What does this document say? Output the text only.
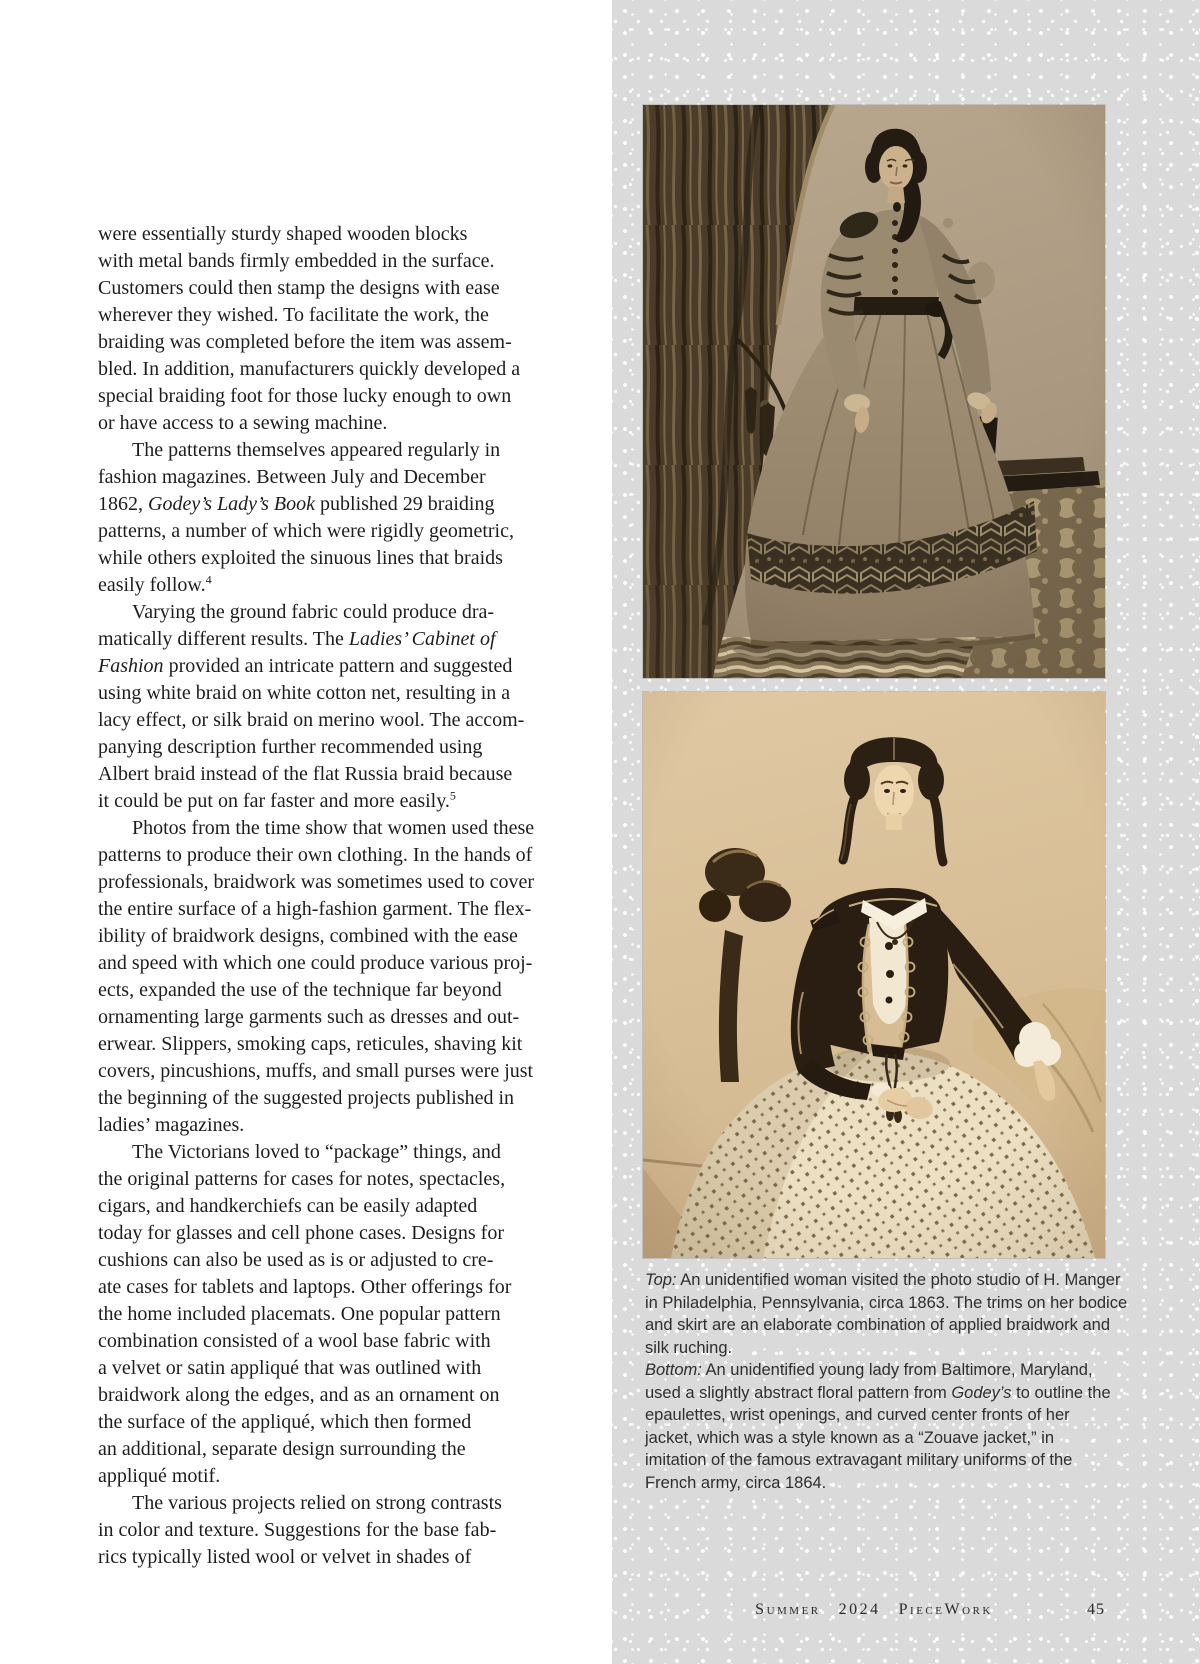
were essentially sturdy shaped wooden blocks
with metal bands firmly embedded in the surface.
Customers could then stamp the designs with ease
wherever they wished. To facilitate the work, the
braiding was completed before the item was assem-
bled. In addition, manufacturers quickly developed a
special braiding foot for those lucky enough to own
or have access to a sewing machine.
The patterns themselves appeared regularly in
fashion magazines. Between July and December
1862, Godey’s Lady’s Book published 29 braiding
patterns, a number of which were rigidly geometric,
while others exploited the sinuous lines that braids
easily follow.$^4$
Varying the ground fabric could produce dra-
matically different results. The Ladies’ Cabinet of
Fashion provided an intricate pattern and suggested
using white braid on white cotton net, resulting in a
lacy effect, or silk braid on merino wool. The accom-
panying description further recommended using
Albert braid instead of the flat Russia braid because
it could be put on far faster and more easily.$^5$
Photos from the time show that women used these
patterns to produce their own clothing. In the hands of
professionals, braidwork was sometimes used to cover
the entire surface of a high-fashion garment. The flex-
ibility of braidwork designs, combined with the ease
and speed with which one could produce various proj-
ects, expanded the use of the technique far beyond
ornamenting large garments such as dresses and out-
erwear. Slippers, smoking caps, reticules, shaving kit
covers, pincushions, muffs, and small purses were just
the beginning of the suggested projects published in
ladies’ magazines.
The Victorians loved to “package” things, and
the original patterns for cases for notes, spectacles,
cigars, and handkerchiefs can be easily adapted
today for glasses and cell phone cases. Designs for
cushions can also be used as is or adjusted to cre-
ate cases for tablets and laptops. Other offerings for
the home included placemats. One popular pattern
combination consisted of a wool base fabric with
a velvet or satin appliqué that was outlined with
braidwork along the edges, and as an ornament on
the surface of the appliqué, which then formed
an additional, separate design surrounding the
appliqué motif.
The various projects relied on strong contrasts
in color and texture. Suggestions for the base fab-
rics typically listed wool or velvet in shades of
Top: An unidentified woman visited the photo studio of H. Manger
in Philadelphia, Pennsylvania, circa 1863. The trims on her bodice
and skirt are an elaborate combination of applied braidwork and
silk ruching.
Bottom: An unidentified young lady from Baltimore, Maryland,
used a slightly abstract floral pattern from Godey’s to outline the
epaulettes, wrist openings, and curved center fronts of her
jacket, which was a style known as a “Zouave jacket,” in
imitation of the famous extravagant military uniforms of the
French army, circa 1864.
Summer 2024 PieceWork	45
